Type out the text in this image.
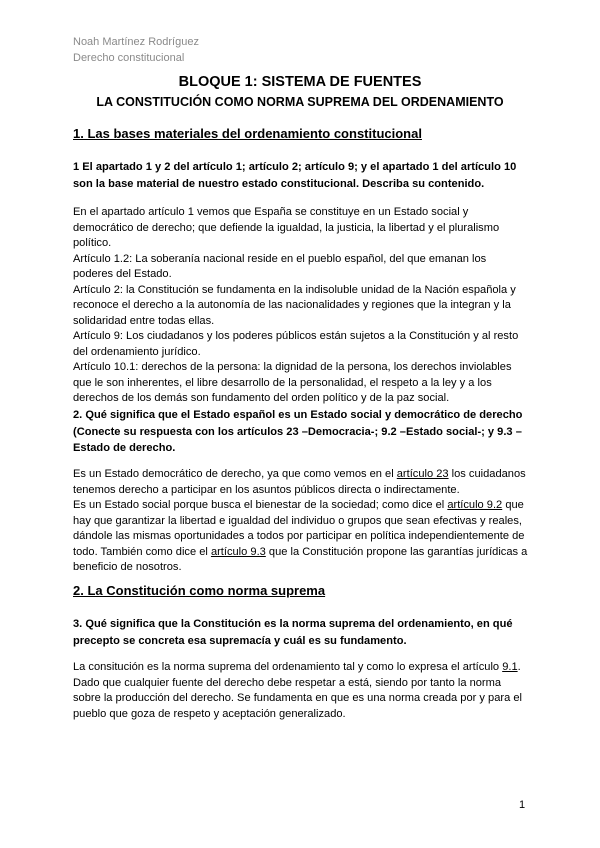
Noah Martínez Rodríguez
Derecho constitucional
BLOQUE 1: SISTEMA DE FUENTES
LA CONSTITUCIÓN COMO NORMA SUPREMA DEL ORDENAMIENTO
1. Las bases materiales del ordenamiento constitucional
1 El apartado 1 y 2 del artículo 1; artículo 2; artículo 9; y el apartado 1 del artículo 10
son la base material de nuestro estado constitucional. Describa su contenido.
En el apartado artículo 1 vemos que España se constituye en un Estado social y
democrático de derecho; que defiende la igualdad, la justicia, la libertad y el pluralismo
político.
Artículo 1.2: La soberanía nacional reside en el pueblo español, del que emanan los
poderes del Estado.
Artículo 2: la Constitución se fundamenta en la indisoluble unidad de la Nación española y
reconoce el derecho a la autonomía de las nacionalidades y regiones que la integran y la
solidaridad entre todas ellas.
Artículo 9: Los ciudadanos y los poderes públicos están sujetos a la Constitución y al resto
del ordenamiento jurídico.
Artículo 10.1: derechos de la persona: la dignidad de la persona, los derechos inviolables
que le son inherentes, el libre desarrollo de la personalidad, el respeto a la ley y a los
derechos de los demás son fundamento del orden político y de la paz social.
2. Qué significa que el Estado español es un Estado social y democrático de derecho
(Conecte su respuesta con los artículos 23 –Democracia-; 9.2 –Estado social-; y 9.3 –
Estado de derecho.
Es un Estado democrático de derecho, ya que como vemos en el artículo 23 los cuidadanos
tenemos derecho a participar en los asuntos públicos directa o indirectamente.
Es un Estado social porque busca el bienestar de la sociedad; como dice el artículo 9.2 que
hay que garantizar la libertad e igualdad del individuo o grupos que sean efectivas y reales,
dándole las mismas oportunidades a todos por participar en política independientemente de
todo. También como dice el artículo 9.3 que la Constitución propone las garantías jurídicas a
beneficio de nosotros.
2. La Constitución como norma suprema
3. Qué significa que la Constitución es la norma suprema del ordenamiento, en qué
precepto se concreta esa supremacía y cuál es su fundamento.
La consitución es la norma suprema del ordenamiento tal y como lo expresa el artículo 9.1.
Dado que cualquier fuente del derecho debe respetar a está, siendo por tanto la norma
sobre la producción del derecho. Se fundamenta en que es una norma creada por y para el
pueblo que goza de respeto y aceptación generalizado.
1
